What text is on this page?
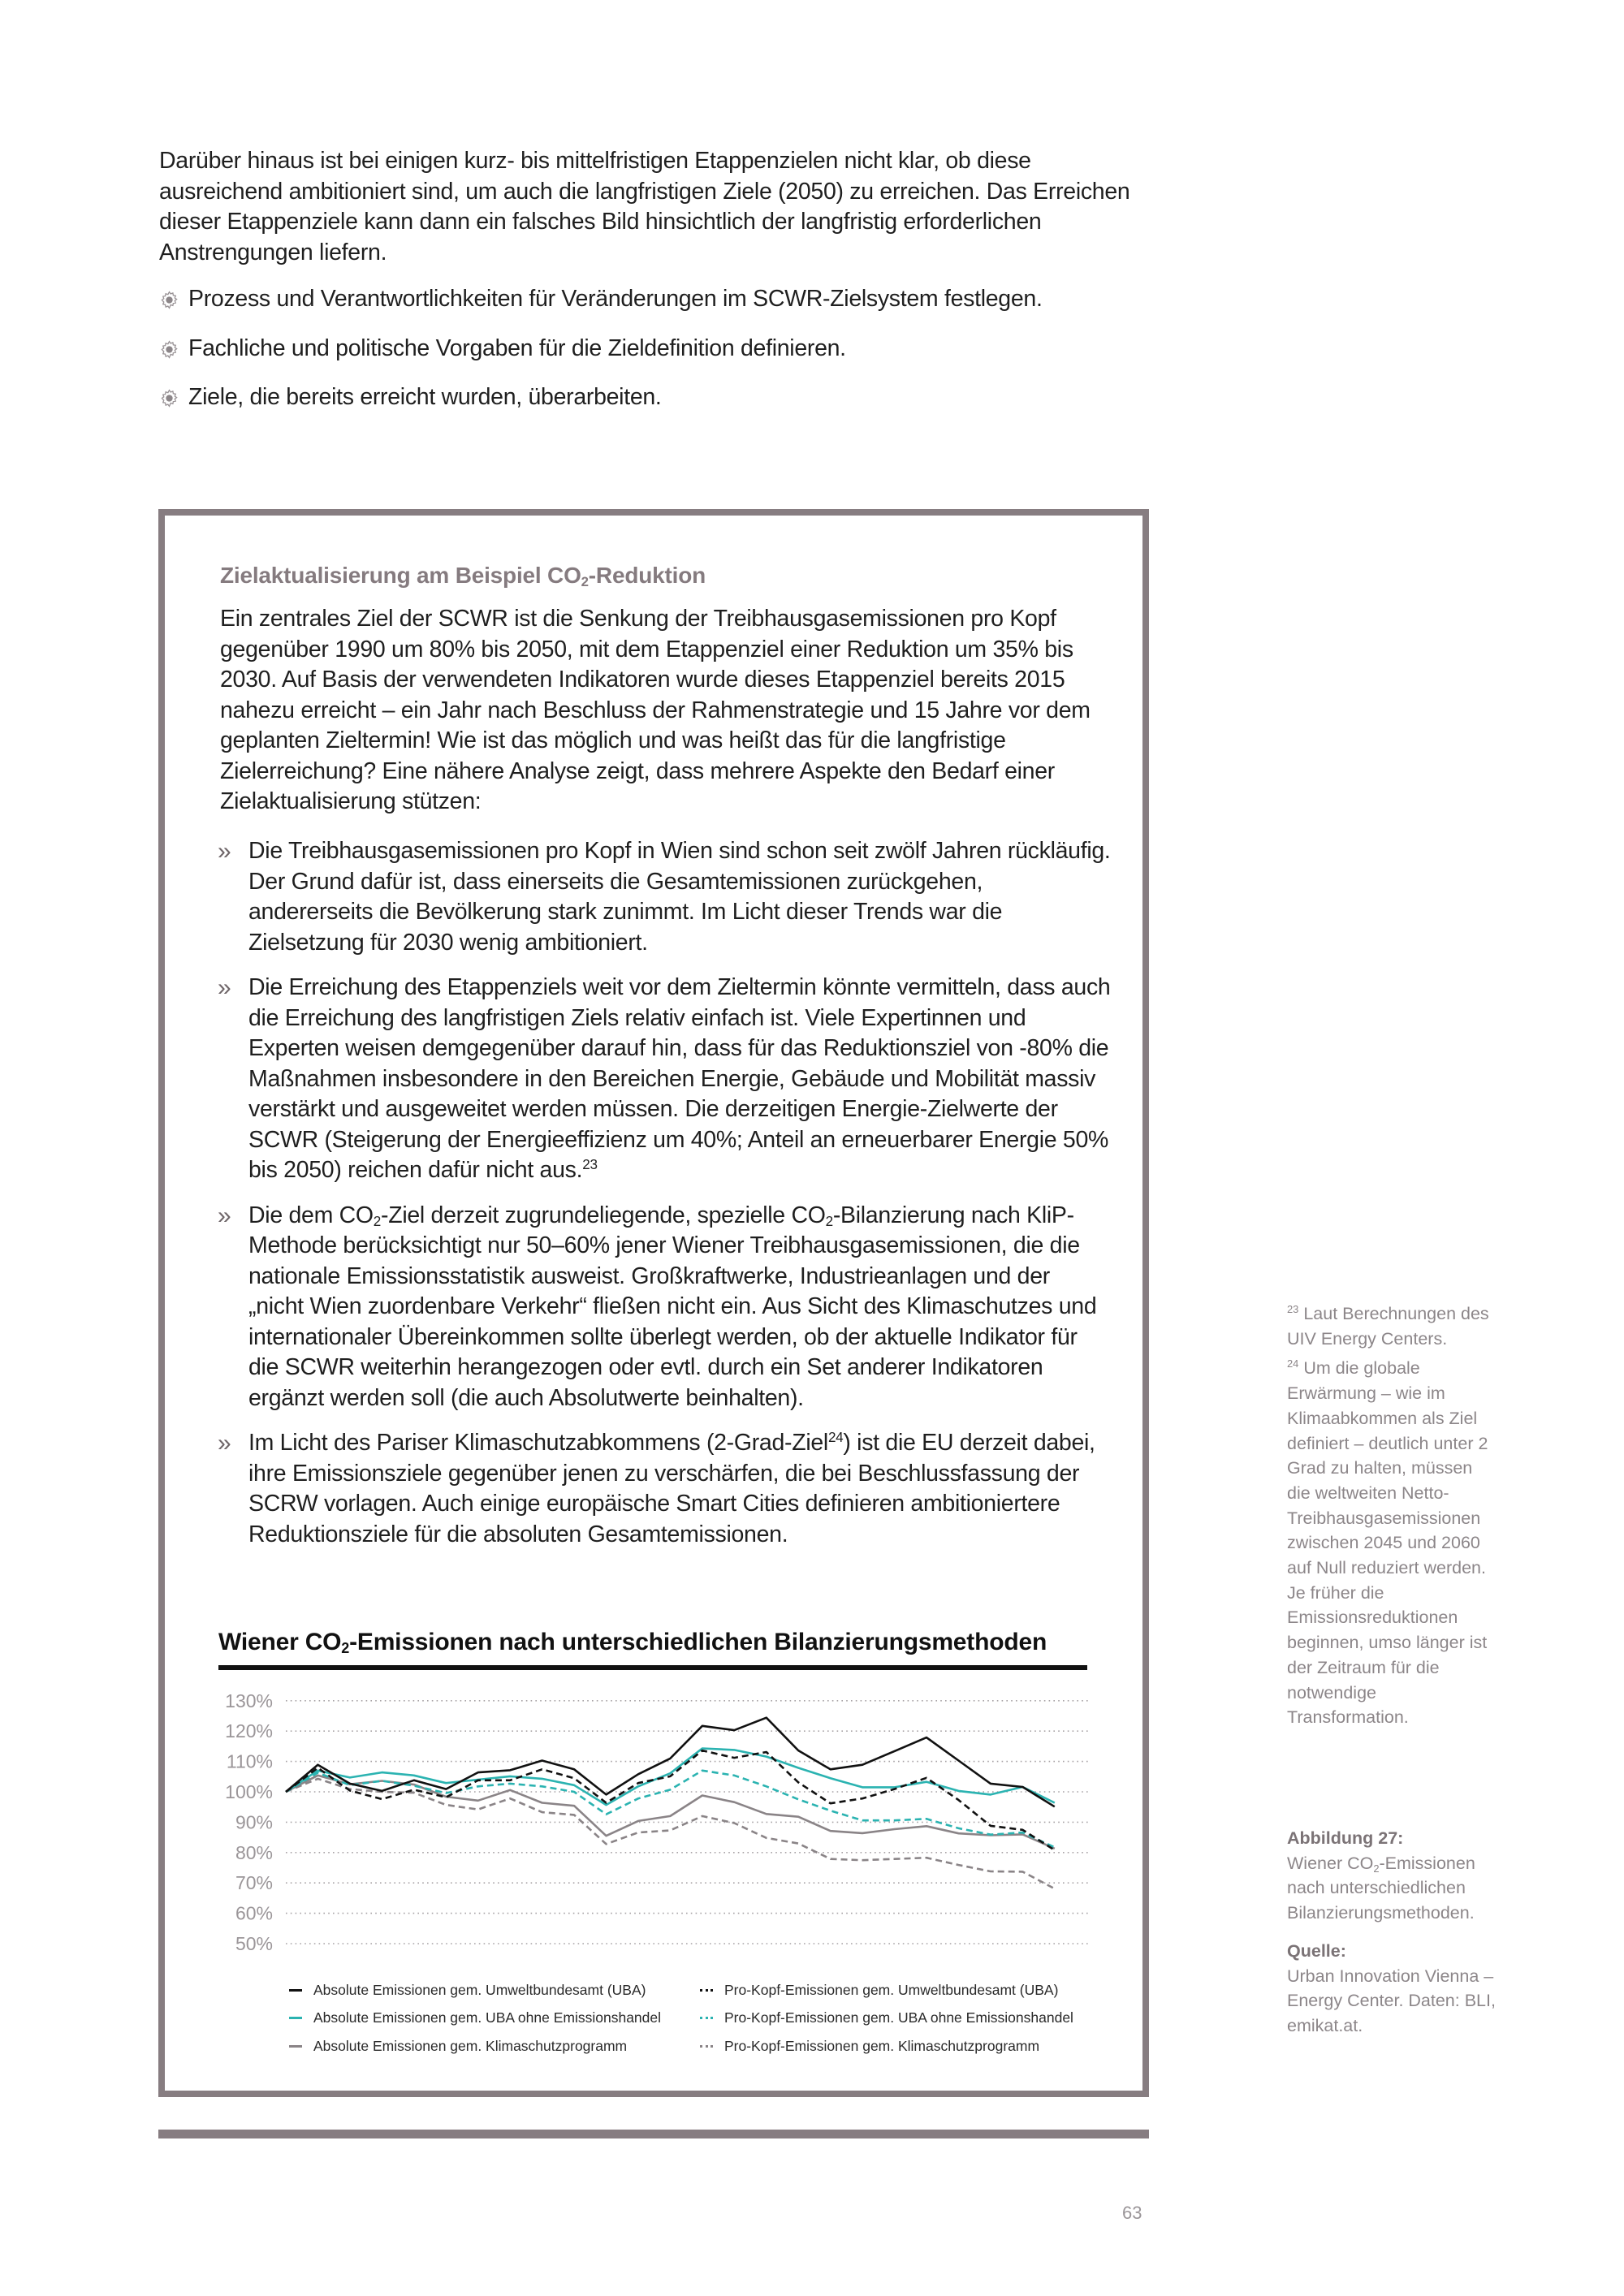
Darüber hinaus ist bei einigen kurz- bis mittelfristigen Etappenzielen nicht klar, ob diese ausreichend ambitioniert sind, um auch die langfristigen Ziele (2050) zu erreichen. Das Erreichen dieser Etappenziele kann dann ein falsches Bild hinsichtlich der langfristig erforderlichen Anstrengungen liefern.

Prozess und Verantwortlichkeiten für Veränderungen im SCWR-Zielsystem festlegen.
Fachliche und politische Vorgaben für die Zieldefinition definieren.
Ziele, die bereits erreicht wurden, überarbeiten.
Zielaktualisierung am Beispiel $CO_2$-Reduktion

Ein zentrales Ziel der SCWR ist die Senkung der Treibhausgasemissionen pro Kopf gegenüber 1990 um 80% bis 2050, mit dem Etappenziel einer Reduktion um 35% bis 2030. Auf Basis der verwendeten Indikatoren wurde dieses Etappenziel bereits 2015 nahezu erreicht – ein Jahr nach Beschluss der Rahmenstrategie und 15 Jahre vor dem geplanten Zieltermin! Wie ist das möglich und was heißt das für die langfristige Zielerreichung? Eine nähere Analyse zeigt, dass mehrere Aspekte den Bedarf einer Zielaktualisierung stützen:

» Die Treibhausgasemissionen pro Kopf in Wien sind schon seit zwölf Jahren rückläufig. Der Grund dafür ist, dass einerseits die Gesamtemissionen zurückgehen, andererseits die Bevölkerung stark zunimmt. Im Licht dieser Trends war die Zielsetzung für 2030 wenig ambitioniert.
» Die Erreichung des Etappenziels weit vor dem Zieltermin könnte vermitteln, dass auch die Erreichung des langfristigen Ziels relativ einfach ist. Viele Expertinnen und Experten weisen demgegenüber darauf hin, dass für das Reduktionsziel von -80% die Maßnahmen insbesondere in den Bereichen Energie, Gebäude und Mobilität massiv verstärkt und ausgeweitet werden müssen. Die derzeitigen Energie-Zielwerte der SCWR (Steigerung der Energieeffizienz um 40%; Anteil an erneuerbarer Energie 50% bis 2050) reichen dafür nicht aus.$^{23}$
» Die dem $CO_2$-Ziel derzeit zugrundeliegende, spezielle $CO_2$-Bilanzierung nach KliP-Methode berücksichtigt nur 50–60% jener Wiener Treibhausgasemissionen, die die nationale Emissionsstatistik ausweist. Großkraftwerke, Industrieanlagen und der „nicht Wien zuordenbare Verkehr“ fließen nicht ein. Aus Sicht des Klimaschutzes und internationaler Übereinkommen sollte überlegt werden, ob der aktuelle Indikator für die SCWR weiterhin herangezogen oder evtl. durch ein Set anderer Indikatoren ergänzt werden soll (die auch Absolutwerte beinhalten).
» Im Licht des Pariser Klimaschutzabkommens (2-Grad-Ziel$^{24}$) ist die EU derzeit dabei, ihre Emissionsziele gegenüber jenen zu verschärfen, die bei Beschlussfassung der SCRW vorlagen. Auch einige europäische Smart Cities definieren ambitioniertere Reduktionsziele für die absoluten Gesamtemissionen.
Wiener $CO_2$-Emissionen nach unterschiedlichen Bilanzierungsmethoden
50%
60%
70%
80%
90%
100%
110%
120%
130%
Absolute Emissionen gem. Umweltbundesamt (UBA)
Absolute Emissionen gem. UBA ohne Emissionshandel
Absolute Emissionen gem. Klimaschutzprogramm
Pro-Kopf-Emissionen gem. Umweltbundesamt (UBA)
Pro-Kopf-Emissionen gem. UBA ohne Emissionshandel
Pro-Kopf-Emissionen gem. Klimaschutzprogramm

$^{23}$ Laut Berechnungen des UIV Energy Centers.

$^{24}$ Um die globale Erwärmung – wie im Klimaabkommen als Ziel definiert – deutlich unter 2 Grad zu halten, müssen die weltweiten Netto-Treibhausgasemissionen zwischen 2045 und 2060 auf Null reduziert werden. Je früher die Emissionsreduktionen beginnen, umso länger ist der Zeitraum für die notwendige Transformation.

Abbildung 27:
Wiener $CO_2$-Emissionen nach unterschiedlichen Bilanzierungsmethoden.

Quelle:
Urban Innovation Vienna – Energy Center. Daten: BLI, emikat.at.

63
